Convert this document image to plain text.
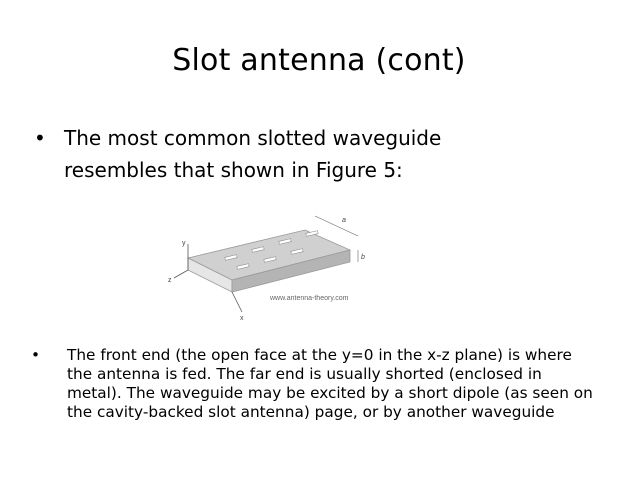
Slot antenna (cont)
• The most common slotted waveguide
resembles that shown in Figure 5:
y
z
x
a
b
www.antenna-theory.com
•	The front end (the open face at the y=0 in the x-z plane) is where
the antenna is fed. The far end is usually shorted (enclosed in
metal). The waveguide may be excited by a short dipole (as seen on
the cavity-backed slot antenna) page, or by another waveguide
